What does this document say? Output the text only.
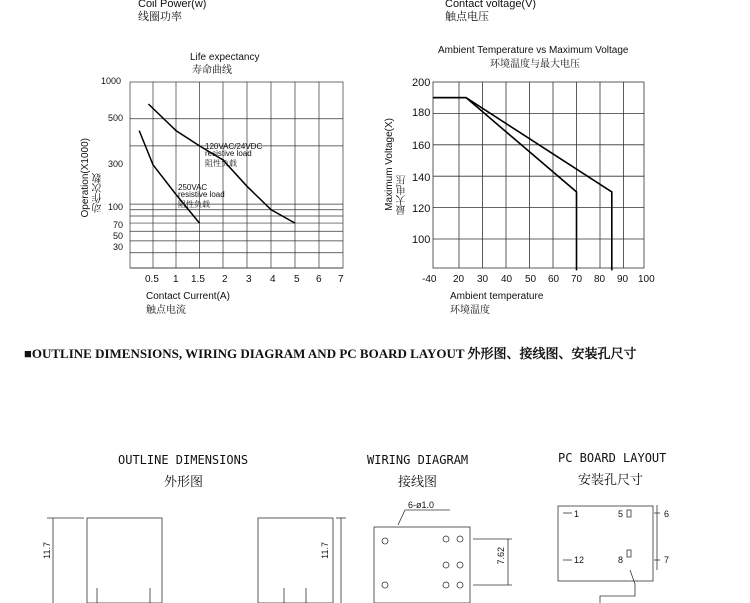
Coil Power(w)
线圈功率
Contact voltage(V)
触点电压
Life expectancy
寿命曲线
Operation(X1000) 动作次数
1000
500
300
100
70
50
30
0.5 1 1.5 2 3 4 5 6 7
Contact Current(A)
触点电流
120VAC/24VDC
resistive load
阻性负载
250VAC
resistive load
阻性负载
Ambient Temperature vs Maximum Voltage
环境温度与最大电压
Maximum Voltage(X) 最大电压
200
180
160
140
120
100
-40 20 30 40 50 60 70 80 90 100
Ambient temperature
环境温度
■OUTLINE DIMENSIONS, WIRING DIAGRAM AND PC BOARD LAYOUT 外形图、接线图、安装孔尺寸
OUTLINE DIMENSIONS
外形图
11.7	11.7
WIRING DIAGRAM
接线图
6-ø1.0
7.62
PC BOARD LAYOUT
安装孔尺寸
1	5	6
12	8	7
